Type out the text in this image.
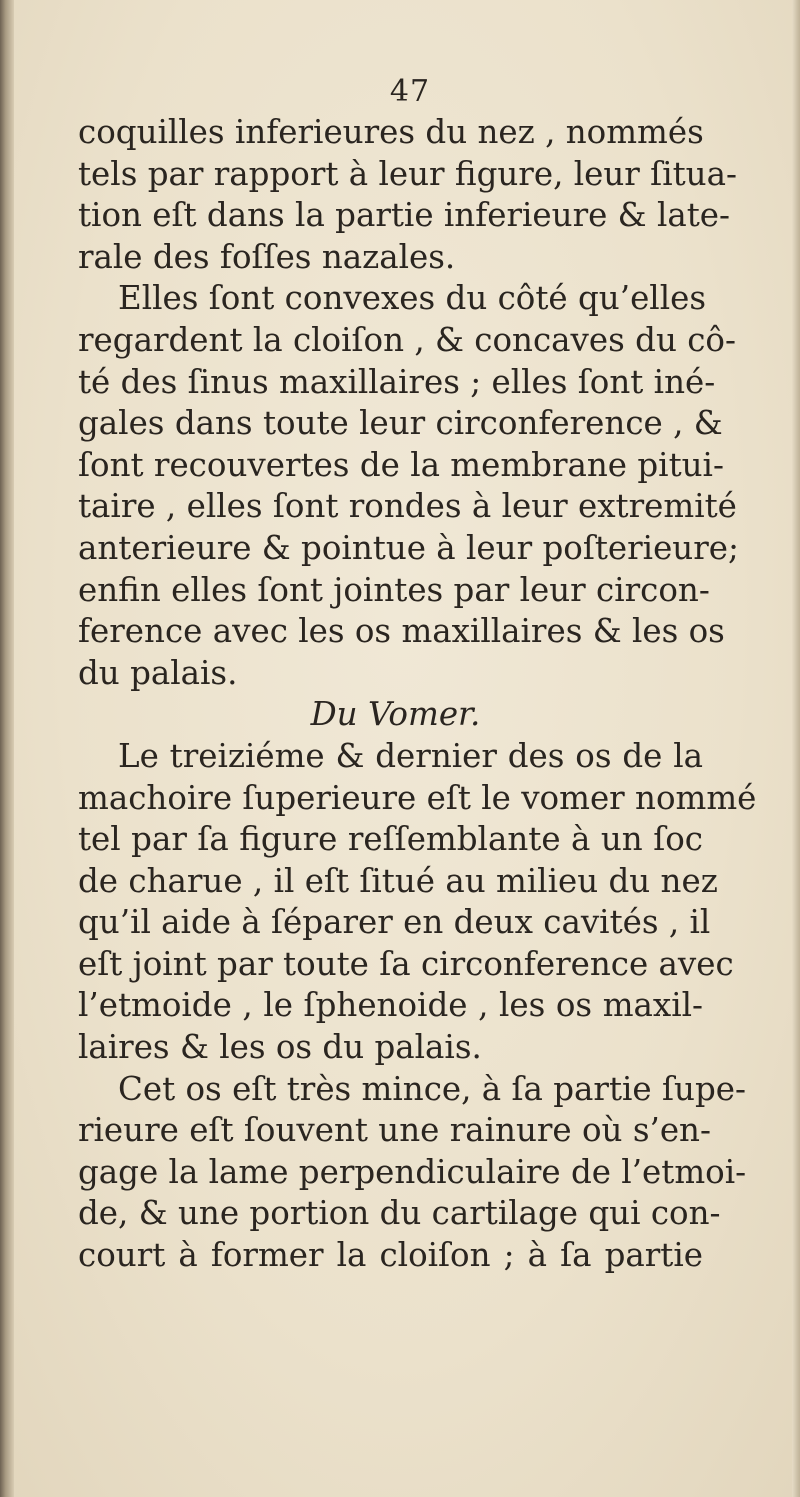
47
coquilles inferieures du nez , nommés
tels par rapport à leur figure, leur ſitua-
tion eſt dans la partie inferieure & late-
rale des foſſes nazales.
Elles ſont convexes du côté qu’elles
regardent la cloiſon , & concaves du cô-
té des ſinus maxillaires ; elles ſont iné-
gales dans toute leur circonference , &
ſont recouvertes de la membrane pitui-
taire , elles ſont rondes à leur extremité
anterieure & pointue à leur poſterieure;
enfin elles ſont jointes par leur circon-
ference avec les os maxillaires & les os
du palais.
Du Vomer.
Le treiziéme & dernier des os de la
machoire ſuperieure eſt le vomer nommé
tel par ſa figure reſſemblante à un ſoc
de charue , il eſt ſitué au milieu du nez
qu’il aide à ſéparer en deux cavités , il
eſt joint par toute ſa circonference avec
l’etmoide , le ſphenoide , les os maxil-
laires & les os du palais.
Cet os eſt très mince, à ſa partie ſupe-
rieure eſt ſouvent une rainure où s’en-
gage la lame perpendiculaire de l’etmoi-
de, & une portion du cartilage qui con-
court à former la cloiſon ; à ſa partie
